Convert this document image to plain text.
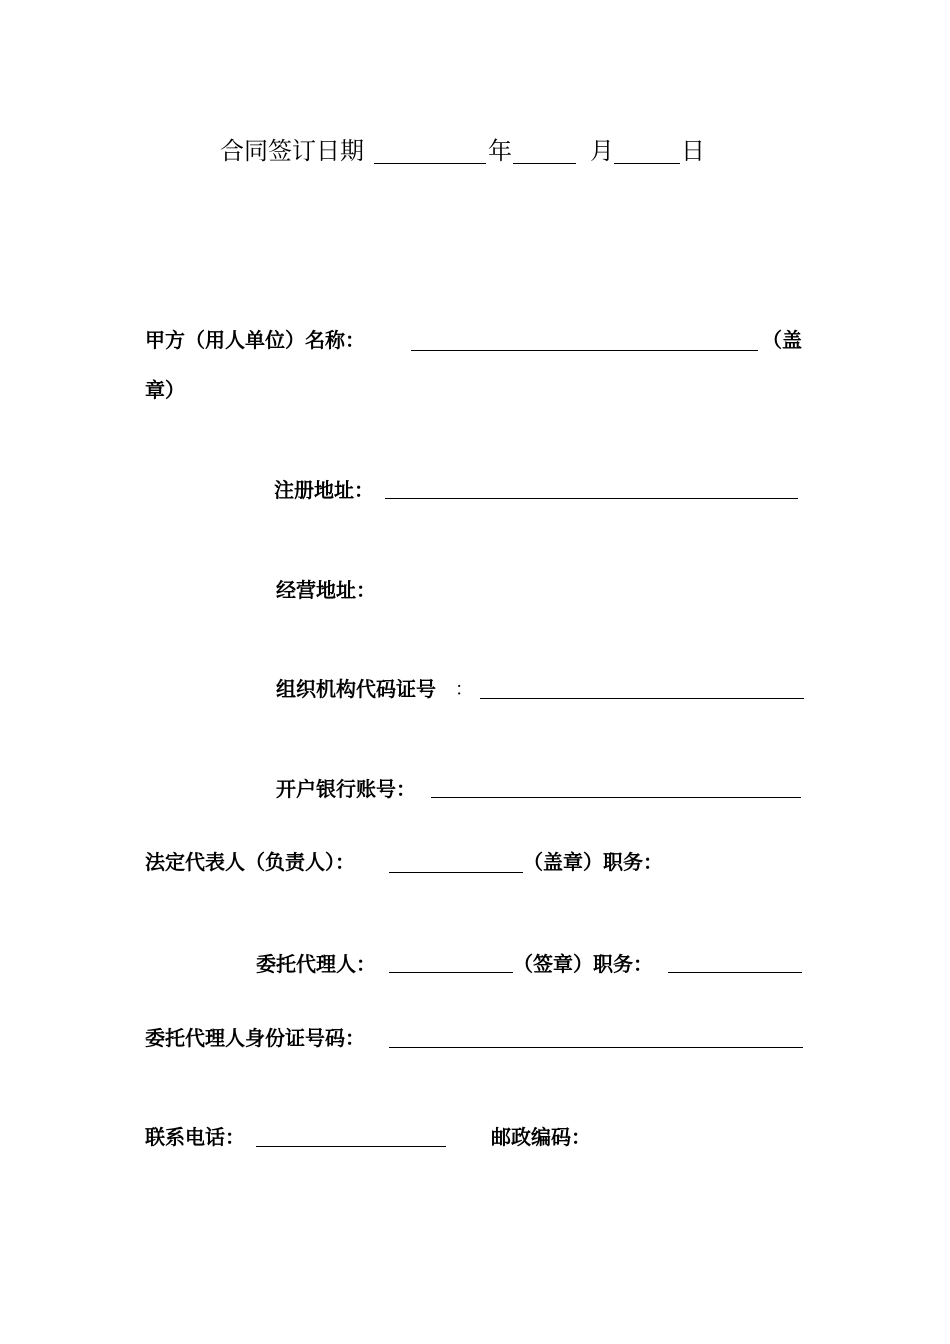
合同签订日期	年	月	日
甲方（用人单位）名称：	（盖
章）
注册地址：
经营地址：
组织机构代码证号 ：
开户银行账号：
法定代表人（负责人）：	（盖章）职务：
委托代理人：	（签章）职务：
委托代理人身份证号码：
联系电话：	邮政编码：
